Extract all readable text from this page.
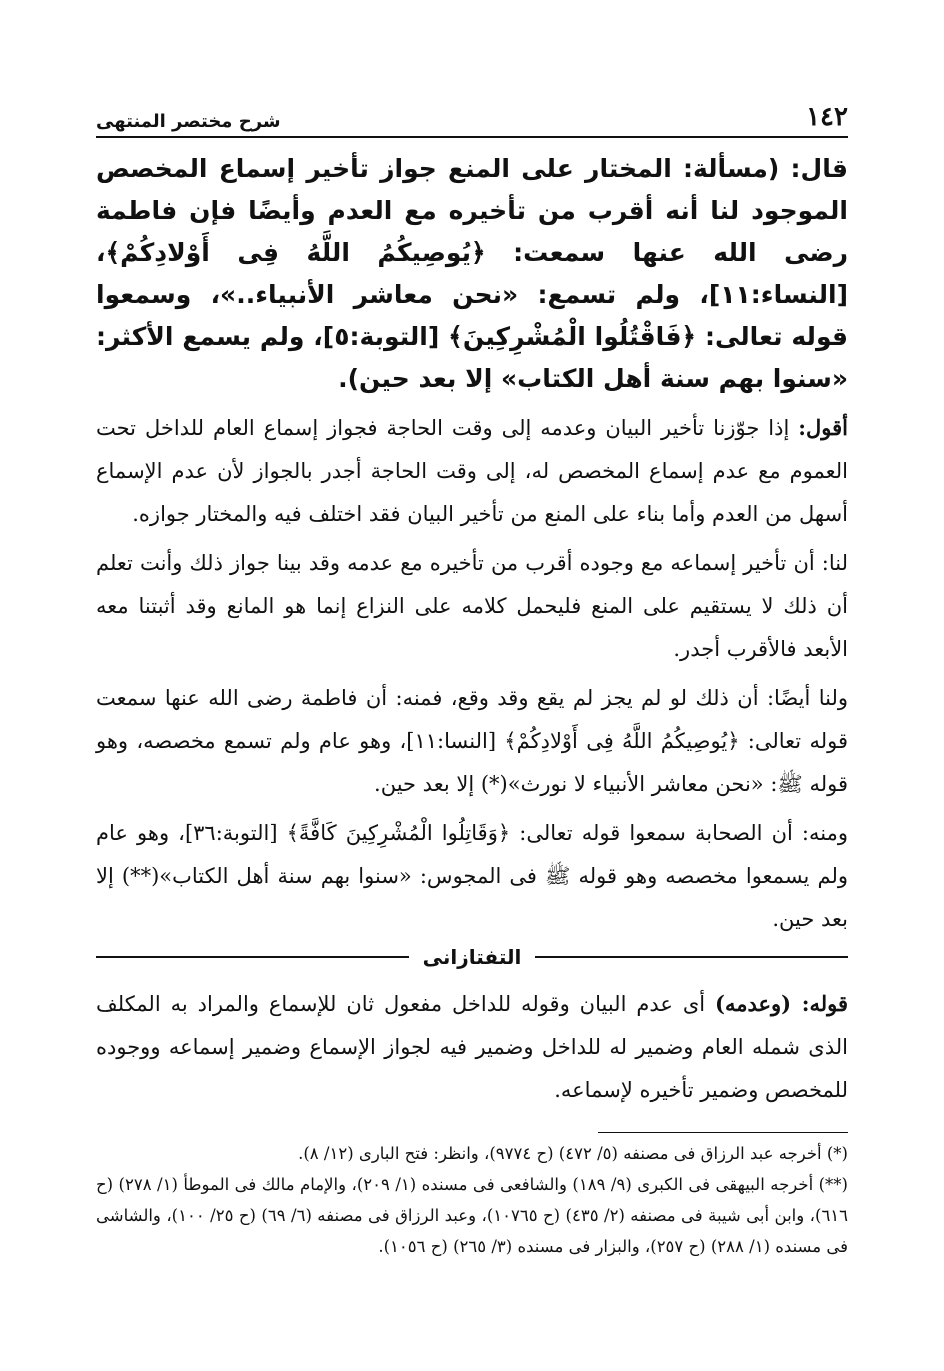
١٤٢
شرح مختصر المنتهى

قال: (مسألة: المختار على المنع جواز تأخير إسماع المخصص الموجود لنا أنه أقرب من تأخيره مع العدم وأيضًا فإن فاطمة رضى الله عنها سمعت: ﴿يُوصِيكُمُ اللَّهُ فِى أَوْلادِكُمْ﴾، [النساء:١١]، ولم تسمع: «نحن معاشر الأنبياء..»، وسمعوا قوله تعالى: ﴿فَاقْتُلُوا الْمُشْرِكِينَ﴾ [التوبة:٥]، ولم يسمع الأكثر: «سنوا بهم سنة أهل الكتاب» إلا بعد حين).

أقول: إذا جوّزنا تأخير البيان وعدمه إلى وقت الحاجة فجواز إسماع العام للداخل تحت العموم مع عدم إسماع المخصص له، إلى وقت الحاجة أجدر بالجواز لأن عدم الإسماع أسهل من العدم وأما بناء على المنع من تأخير البيان فقد اختلف فيه والمختار جوازه.

لنا: أن تأخير إسماعه مع وجوده أقرب من تأخيره مع عدمه وقد بينا جواز ذلك وأنت تعلم أن ذلك لا يستقيم على المنع فليحمل كلامه على النزاع إنما هو المانع وقد أثبتنا معه الأبعد فالأقرب أجدر.

ولنا أيضًا: أن ذلك لو لم يجز لم يقع وقد وقع، فمنه: أن فاطمة رضى الله عنها سمعت قوله تعالى: ﴿يُوصِيكُمُ اللَّهُ فِى أَوْلادِكُمْ﴾ [النسا:١١]، وهو عام ولم تسمع مخصصه، وهو قوله ﷺ: «نحن معاشر الأنبياء لا نورث»(*) إلا بعد حين.

ومنه: أن الصحابة سمعوا قوله تعالى: ﴿وَقَاتِلُوا الْمُشْرِكِينَ كَافَّةً﴾ [التوبة:٣٦]، وهو عام ولم يسمعوا مخصصه وهو قوله ﷺ فى المجوس: «سنوا بهم سنة أهل الكتاب»(**) إلا بعد حين.

التفتازانى

قوله: (وعدمه) أى عدم البيان وقوله للداخل مفعول ثان للإسماع والمراد به المكلف الذى شمله العام وضمير له للداخل وضمير فيه لجواز الإسماع وضمير إسماعه ووجوده للمخصص وضمير تأخيره لإسماعه.

(*) أخرجه عبد الرزاق فى مصنفه (٥/ ٤٧٢) (ح ٩٧٧٤)، وانظر: فتح البارى (١٢/ ٨).

(**) أخرجه البيهقى فى الكبرى (٩/ ١٨٩) والشافعى فى مسنده (١/ ٢٠٩)، والإمام مالك فى الموطأ (١/ ٢٧٨) (ح ٦١٦)، وابن أبى شيبة فى مصنفه (٢/ ٤٣٥) (ح ١٠٧٦٥)، وعبد الرزاق فى مصنفه (٦/ ٦٩) (ح ٢٥/ ١٠٠)، والشاشى فى مسنده (١/ ٢٨٨) (ح ٢٥٧)، والبزار فى مسنده (٣/ ٢٦٥) (ح ١٠٥٦).
